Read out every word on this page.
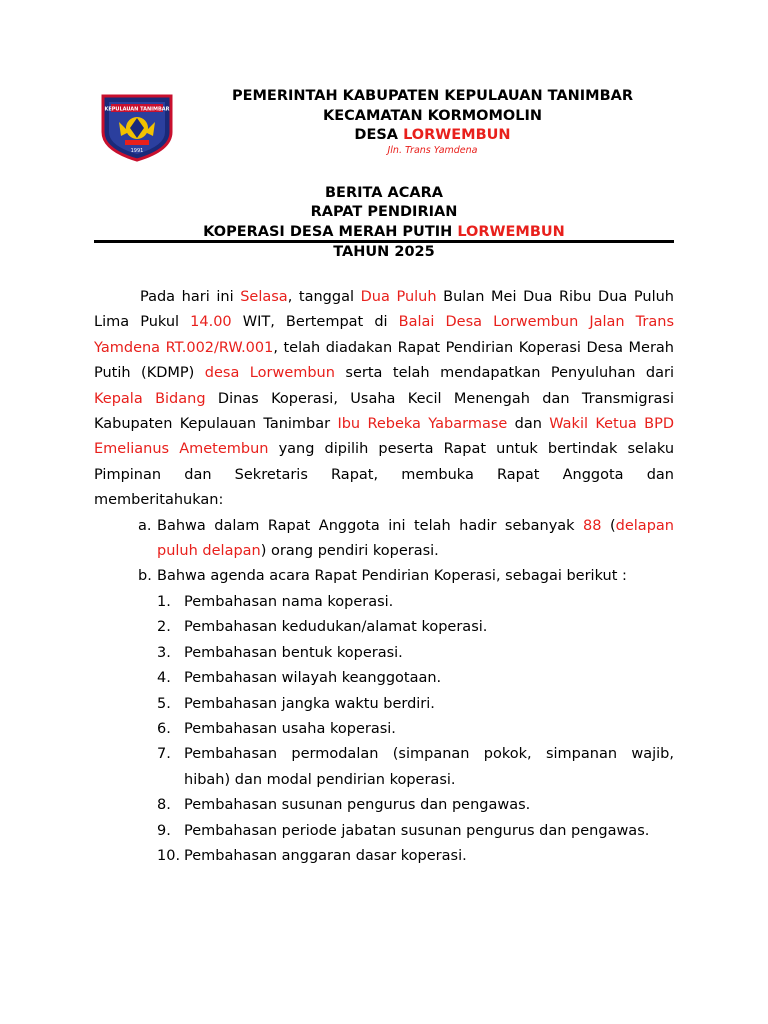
KEPULAUAN TANIMBAR
1991
PEMERINTAH KABUPATEN KEPULAUAN TANIMBAR
KECAMATAN KORMOMOLIN
DESA LORWEMBUN
Jln. Trans Yamdena
BERITA ACARA
RAPAT PENDIRIAN
KOPERASI DESA MERAH PUTIH LORWEMBUN
TAHUN 2025

Pada hari ini Selasa, tanggal Dua Puluh Bulan Mei Dua Ribu Dua Puluh Lima Pukul 14.00 WIT, Bertempat di Balai Desa Lorwembun Jalan Trans Yamdena RT.002/RW.001, telah diadakan Rapat Pendirian Koperasi Desa Merah Putih (KDMP) desa Lorwembun serta telah mendapatkan Penyuluhan dari Kepala Bidang Dinas Koperasi, Usaha Kecil Menengah dan Transmigrasi Kabupaten Kepulauan Tanimbar Ibu Rebeka Yabarmase dan Wakil Ketua BPD Emelianus Ametembun yang dipilih peserta Rapat untuk bertindak selaku Pimpinan dan Sekretaris Rapat, membuka Rapat Anggota dan memberitahukan:

a. Bahwa dalam Rapat Anggota ini telah hadir sebanyak 88 (delapan puluh delapan) orang pendiri koperasi.

b. Bahwa agenda acara Rapat Pendirian Koperasi, sebagai berikut :

1. Pembahasan nama koperasi.

2. Pembahasan kedudukan/alamat koperasi.

3. Pembahasan bentuk koperasi.

4. Pembahasan wilayah keanggotaan.

5. Pembahasan jangka waktu berdiri.

6. Pembahasan usaha koperasi.

7. Pembahasan permodalan (simpanan pokok, simpanan wajib, hibah) dan modal pendirian koperasi.

8. Pembahasan susunan pengurus dan pengawas.

9. Pembahasan periode jabatan susunan pengurus dan pengawas.

10. Pembahasan anggaran dasar koperasi.
